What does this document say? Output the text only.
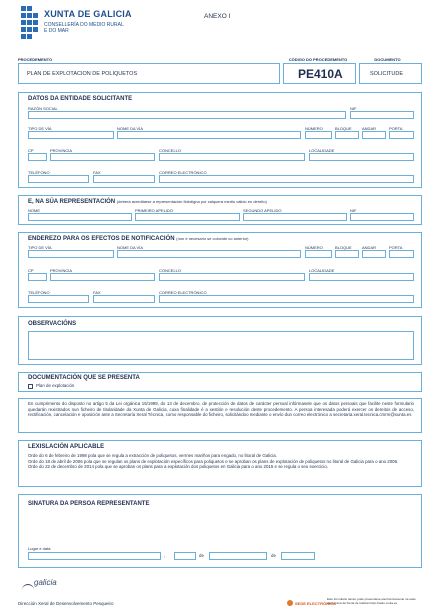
XUNTA DE GALICIA
CONSELLERÍA DO MEDIO RURAL E DO MAR
ANEXO I
PROCEDEMENTO	CÓDIGO DO PROCEDEMENTO	DOCUMENTO
PLAN DE EXPLOTACION DE POLIQUETOS	PE410A	SOLICITUDE
DATOS DA ENTIDADE SOLICITANTE
RAZÓN SOCIAL	NIF
TIPO DE VÍA	NOME DA VÍA	NÚMERO	BLOQUE	ANDAR	PORTA
CP	PROVINCIA	CONCELLO	LOCALIDADE
TELÉFONO	FAX	CORREO ELECTRÓNICO
E, NA SÚA REPRESENTACIÓN (deberá acreditarse a representación fidedigna por calquera medio válido en dereito)
NOME	PRIMEIRO APELIDO	SEGUNDO APELIDO	NIF
ENDEREZO PARA OS EFECTOS DE NOTIFICACIÓN (non é necesario se coincide co anterior)
TIPO DE VÍA	NOME DA VÍA	NÚMERO	BLOQUE	ANDAR	PORTA
CP	PROVINCIA	CONCELLO	LOCALIDADE
TELÉFONO	FAX	CORREO ELECTRÓNICO
OBSERVACIÓNS
DOCUMENTACIÓN QUE SE PRESENTA
Plan de explotación
En cumprimento do disposto no artigo 5 da Lei orgánica 15/1999, do 13 de decembro, de protección de datos de carácter persoal infórmasele que os datos persoais que facilite neste formulario quedarán rexistrados nun ficheiro de titularidade da Xunta de Galicia, cuxa finalidade é a xestión e resolución deste procedemento. A persoa interesada poderá exercer os dereitos de acceso, rectificación, cancelación e oposición ante a Secretaría Xeral Técnica, como responsable do ficheiro, solicitándoo mediante o envío dun correo electrónico a secretaria.xeral.tecnica.cmrm@xunta.es
LEXISLACIÓN APLICABLE
Orde do 6 de febreiro de 1998 pola que se regula a extracción de poliquetos, vermes mariños para engado, no litoral de Galicia.
Orde do 18 de abril de 2006 pola que se regulan os plans de explotación específicos para poliquetos e se aproban os plans de explotación de poliquetos no litoral de Galicia para o ano 2006.
Orde do 22 de decembro de 2014 pola que se aproban os plans para a explotación dos poliquetos en Galicia para o ano 2015 e se regula o seu exercicio.
SINATURA DA PERSOA REPRESENTANTE
Lugar e data
,	de	de
galicia
Dirección Xeral de Desenvolvemento Pesqueiro	SEDE ELECTRÓNICA
Este formulario tamén pode presentarse electronicamente na sede electrónica da Xunta de Galicia https://sede.xunta.es
